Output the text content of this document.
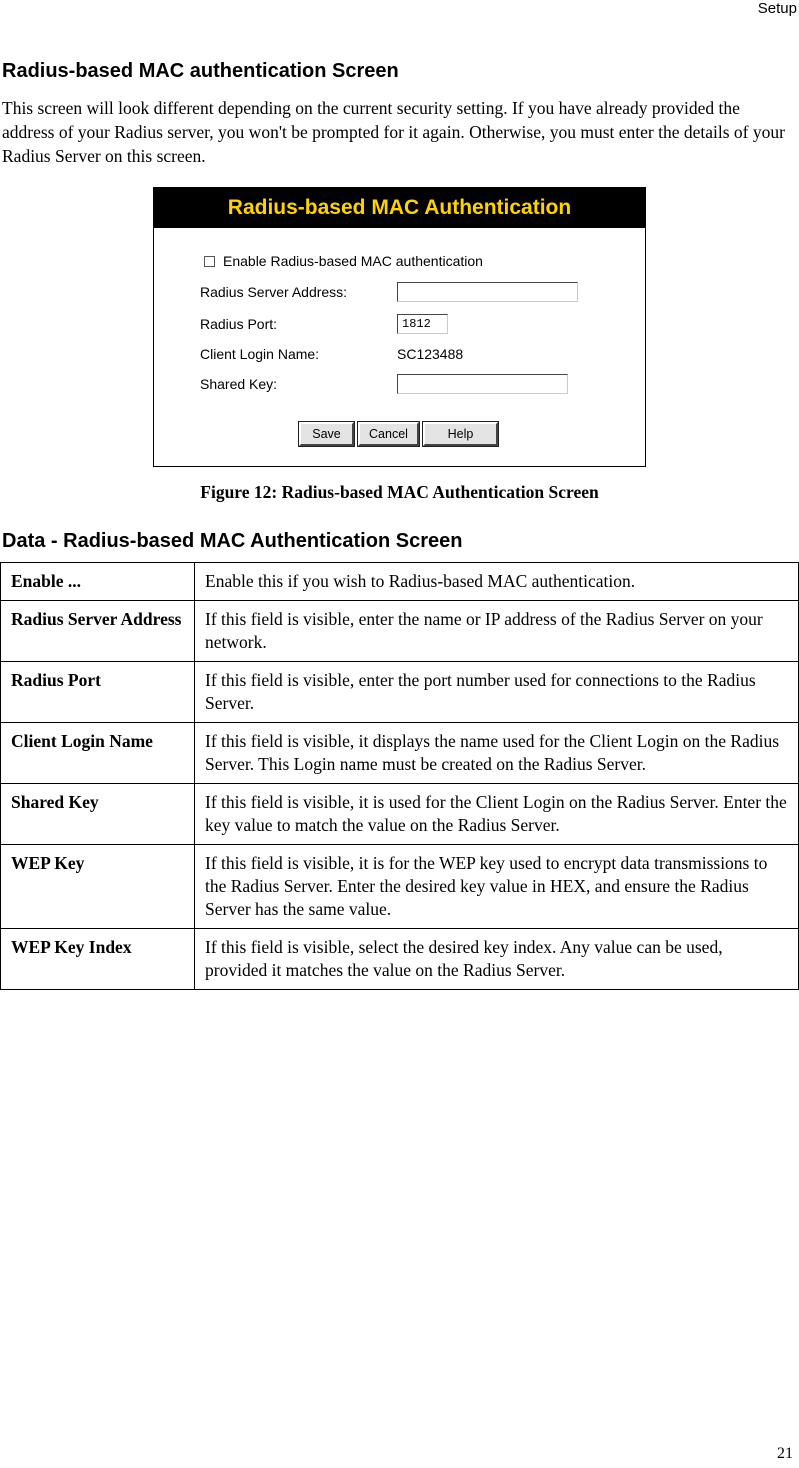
Setup
Radius-based MAC authentication Screen

This screen will look different depending on the current security setting. If you have already provided the address of your Radius server, you won't be prompted for it again. Otherwise, you must enter the details of your Radius Server on this screen.

Radius-based MAC Authentication
Enable Radius-based MAC authentication
Radius Server Address:
Radius Port:	1812
Client Login Name:	SC123488
Shared Key:
Save	Cancel	Help
Figure 12: Radius-based MAC Authentication Screen
Data - Radius-based MAC Authentication Screen
Enable ...	Enable this if you wish to Radius-based MAC authentication.
Radius Server Address	If this field is visible, enter the name or IP address of the Radius Server on your network.
Radius Port	If this field is visible, enter the port number used for connections to the Radius Server.
Client Login Name	If this field is visible, it displays the name used for the Client Login on the Radius Server. This Login name must be created on the Radius Server.
Shared Key	If this field is visible, it is used for the Client Login on the Radius Server. Enter the key value to match the value on the Radius Server.
WEP Key	If this field is visible, it is for the WEP key used to encrypt data transmissions to the Radius Server. Enter the desired key value in HEX, and ensure the Radius Server has the same value.
WEP Key Index	If this field is visible, select the desired key index. Any value can be used, provided it matches the value on the Radius Server.
21
